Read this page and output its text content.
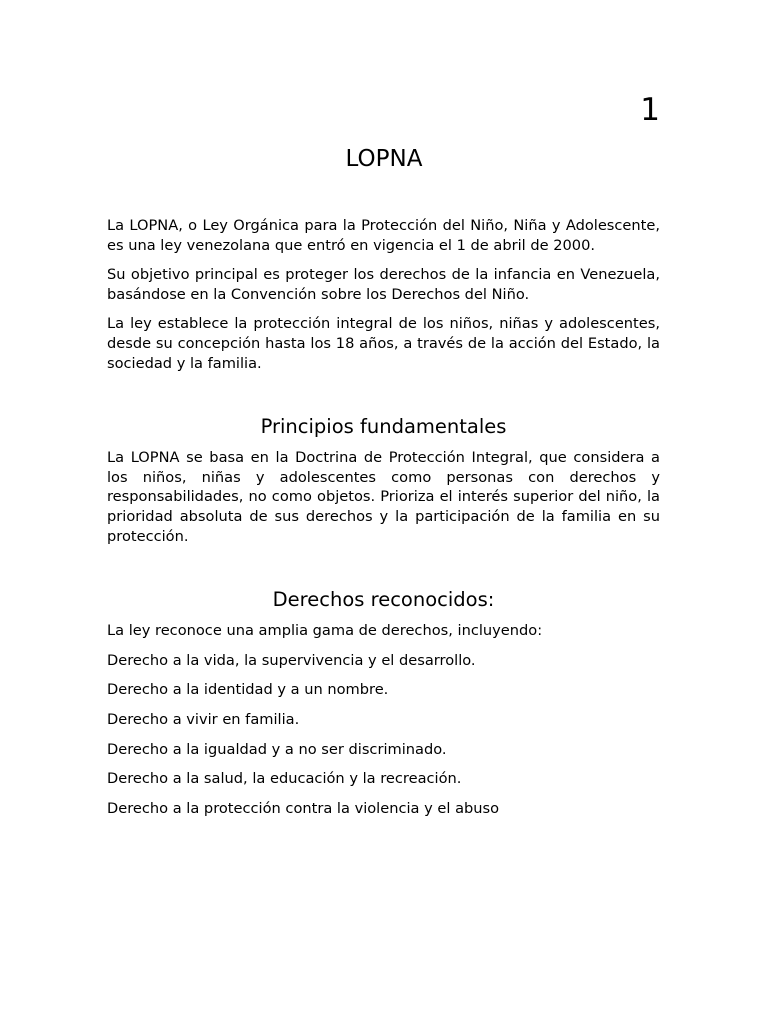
1
LOPNA

La LOPNA, o Ley Orgánica para la Protección del Niño, Niña y Adolescente, es una ley venezolana que entró en vigencia el 1 de abril de 2000.

Su objetivo principal es proteger los derechos de la infancia en Venezuela, basándose en la Convención sobre los Derechos del Niño.

La ley establece la protección integral de los niños, niñas y adolescentes, desde su concepción hasta los 18 años, a través de la acción del Estado, la sociedad y la familia.

Principios fundamentales

La LOPNA se basa en la Doctrina de Protección Integral, que considera a los niños, niñas y adolescentes como personas con derechos y responsabilidades, no como objetos. Prioriza el interés superior del niño, la prioridad absoluta de sus derechos y la participación de la familia en su protección.

Derechos reconocidos:

La ley reconoce una amplia gama de derechos, incluyendo:

Derecho a la vida, la supervivencia y el desarrollo.
Derecho a la identidad y a un nombre.
Derecho a vivir en familia.
Derecho a la igualdad y a no ser discriminado.
Derecho a la salud, la educación y la recreación.
Derecho a la protección contra la violencia y el abuso
